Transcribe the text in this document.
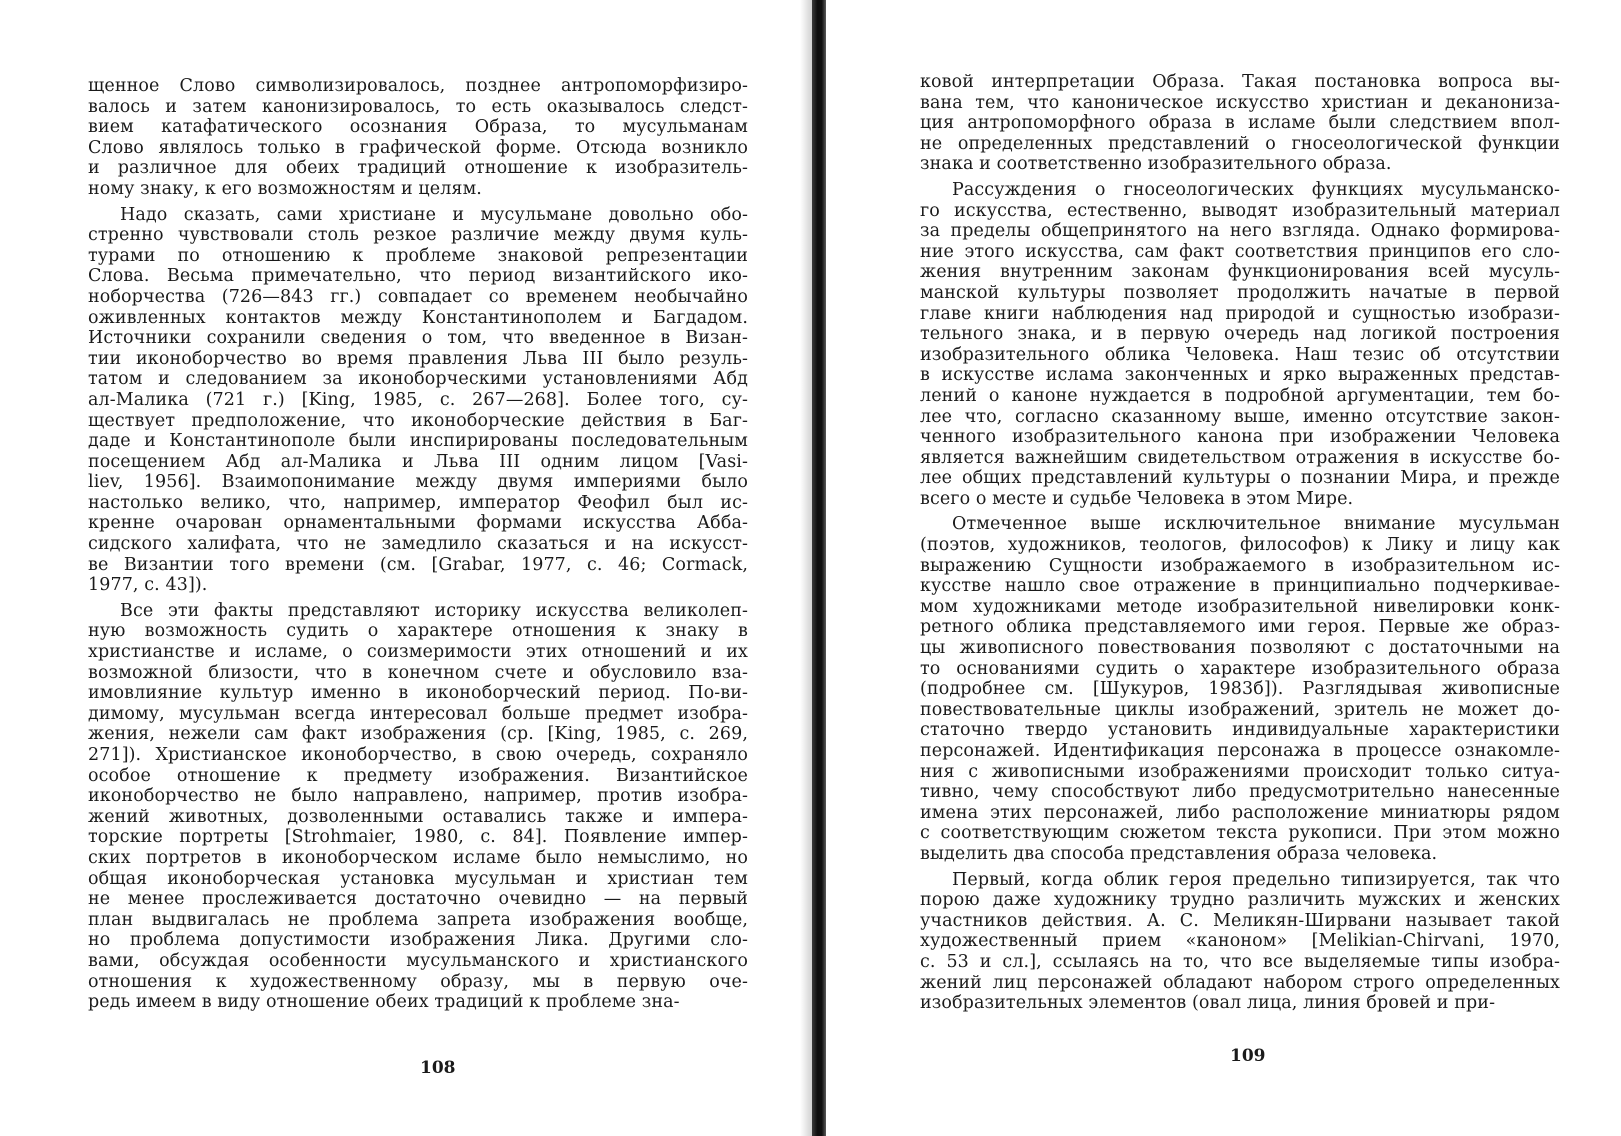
щенное Слово символизировалось, позднее антропоморфизиро-
валось и затем канонизировалось, то есть оказывалось следст-
вием катафатического осознания Образа, то мусульманам
Слово являлось только в графической форме. Отсюда возникло
и различное для обеих традиций отношение к изобразитель-
ному знаку, к его возможностям и целям.
Надо сказать, сами христиане и мусульмане довольно обо-
стренно чувствовали столь резкое различие между двумя куль-
турами по отношению к проблеме знаковой репрезентации
Слова. Весьма примечательно, что период византийского ико-
ноборчества (726—843 гг.) совпадает со временем необычайно
оживленных контактов между Константинополем и Багдадом.
Источники сохранили сведения о том, что введенное в Визан-
тии иконоборчество во время правления Льва III было резуль-
татом и следованием за иконоборческими установлениями Абд
ал-Малика (721 г.) [King, 1985, с. 267—268]. Более того, су-
ществует предположение, что иконоборческие действия в Баг-
даде и Константинополе были инспирированы последовательным
посещением Абд ал-Малика и Льва III одним лицом [Vasi-
liev, 1956]. Взаимопонимание между двумя империями было
настолько велико, что, например, император Феофил был ис-
кренне очарован орнаментальными формами искусства Абба-
сидского халифата, что не замедлило сказаться и на искусст-
ве Византии того времени (см. [Grabar, 1977, с. 46; Cormack,
1977, с. 43]).
Все эти факты представляют историку искусства великолеп-
ную возможность судить о характере отношения к знаку в
христианстве и исламе, о соизмеримости этих отношений и их
возможной близости, что в конечном счете и обусловило вза-
имовлияние культур именно в иконоборческий период. По-ви-
димому, мусульман всегда интересовал больше предмет изобра-
жения, нежели сам факт изображения (ср. [King, 1985, с. 269,
271]). Христианское иконоборчество, в свою очередь, сохраняло
особое отношение к предмету изображения. Византийское
иконоборчество не было направлено, например, против изобра-
жений животных, дозволенными оставались также и импера-
торские портреты [Strohmaier, 1980, с. 84]. Появление импер-
ских портретов в иконоборческом исламе было немыслимо, но
общая иконоборческая установка мусульман и христиан тем
не менее прослеживается достаточно очевидно — на первый
план выдвигалась не проблема запрета изображения вообще,
но проблема допустимости изображения Лика. Другими сло-
вами, обсуждая особенности мусульманского и христианского
отношения к художественному образу, мы в первую оче-
редь имеем в виду отношение обеих традиций к проблеме зна-
ковой интерпретации Образа. Такая постановка вопроса вы-
вана тем, что каноническое искусство христиан и деканониза-
ция антропоморфного образа в исламе были следствием впол-
не определенных представлений о гносеологической функции
знака и соответственно изобразительного образа.
Рассуждения о гносеологических функциях мусульманско-
го искусства, естественно, выводят изобразительный материал
за пределы общепринятого на него взгляда. Однако формирова-
ние этого искусства, сам факт соответствия принципов его сло-
жения внутренним законам функционирования всей мусуль-
манской культуры позволяет продолжить начатые в первой
главе книги наблюдения над природой и сущностью изобрази-
тельного знака, и в первую очередь над логикой построения
изобразительного облика Человека. Наш тезис об отсутствии
в искусстве ислама законченных и ярко выраженных представ-
лений о каноне нуждается в подробной аргументации, тем бо-
лее что, согласно сказанному выше, именно отсутствие закон-
ченного изобразительного канона при изображении Человека
является важнейшим свидетельством отражения в искусстве бо-
лее общих представлений культуры о познании Мира, и прежде
всего о месте и судьбе Человека в этом Мире.
Отмеченное выше исключительное внимание мусульман
(поэтов, художников, теологов, философов) к Лику и лицу как
выражению Сущности изображаемого в изобразительном ис-
кусстве нашло свое отражение в принципиально подчеркивае-
мом художниками методе изобразительной нивелировки конк-
ретного облика представляемого ими героя. Первые же образ-
цы живописного повествования позволяют с достаточными на
то основаниями судить о характере изобразительного образа
(подробнее см. [Шукуров, 1983б]). Разглядывая живописные
повествовательные циклы изображений, зритель не может до-
статочно твердо установить индивидуальные характеристики
персонажей. Идентификация персонажа в процессе ознакомле-
ния с живописными изображениями происходит только ситуа-
тивно, чему способствуют либо предусмотрительно нанесенные
имена этих персонажей, либо расположение миниатюры рядом
с соответствующим сюжетом текста рукописи. При этом можно
выделить два способа представления образа человека.
Первый, когда облик героя предельно типизируется, так что
порою даже художнику трудно различить мужских и женских
участников действия. А. С. Меликян-Ширвани называет такой
художественный прием «каноном» [Melikian-Chirvani, 1970,
с. 53 и сл.], ссылаясь на то, что все выделяемые типы изобра-
жений лиц персонажей обладают набором строго определенных
изобразительных элементов (овал лица, линия бровей и при-
108
109
